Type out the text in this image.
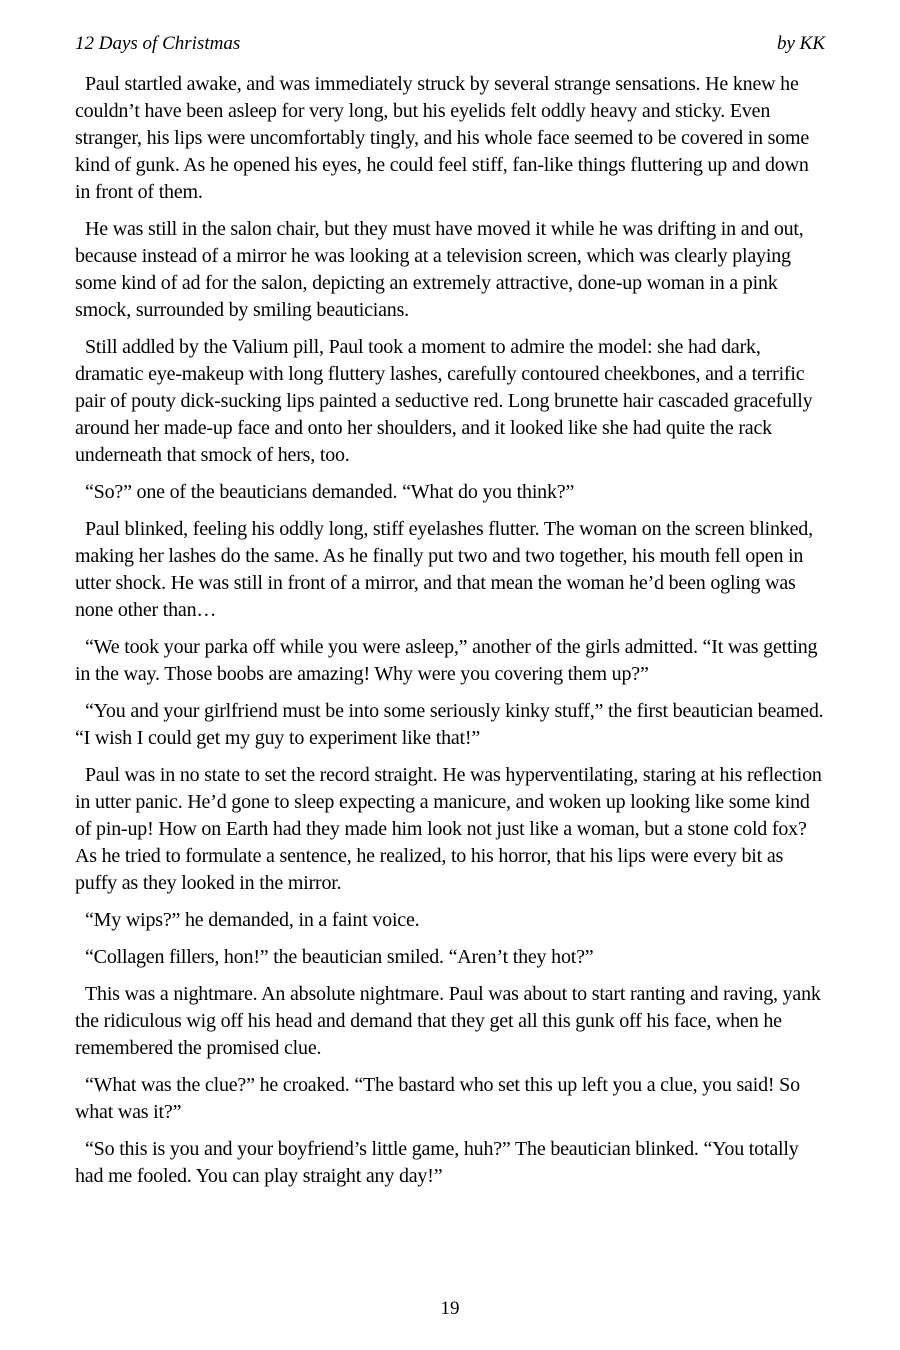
12 Days of Christmas	by KK

Paul startled awake, and was immediately struck by several strange sensations. He knew he couldn’t have been asleep for very long, but his eyelids felt oddly heavy and sticky. Even stranger, his lips were uncomfortably tingly, and his whole face seemed to be covered in some kind of gunk. As he opened his eyes, he could feel stiff, fan-like things fluttering up and down in front of them.

He was still in the salon chair, but they must have moved it while he was drifting in and out, because instead of a mirror he was looking at a television screen, which was clearly playing some kind of ad for the salon, depicting an extremely attractive, done-up woman in a pink smock, surrounded by smiling beauticians.

Still addled by the Valium pill, Paul took a moment to admire the model: she had dark, dramatic eye-makeup with long fluttery lashes, carefully contoured cheekbones, and a terrific pair of pouty dick-sucking lips painted a seductive red. Long brunette hair cascaded gracefully around her made-up face and onto her shoulders, and it looked like she had quite the rack underneath that smock of hers, too.

“So?” one of the beauticians demanded. “What do you think?”

Paul blinked, feeling his oddly long, stiff eyelashes flutter. The woman on the screen blinked, making her lashes do the same. As he finally put two and two together, his mouth fell open in utter shock. He was still in front of a mirror, and that mean the woman he’d been ogling was none other than…

“We took your parka off while you were asleep,” another of the girls admitted. “It was getting in the way. Those boobs are amazing! Why were you covering them up?”

“You and your girlfriend must be into some seriously kinky stuff,” the first beautician beamed. “I wish I could get my guy to experiment like that!”

Paul was in no state to set the record straight. He was hyperventilating, staring at his reflection in utter panic. He’d gone to sleep expecting a manicure, and woken up looking like some kind of pin-up! How on Earth had they made him look not just like a woman, but a stone cold fox? As he tried to formulate a sentence, he realized, to his horror, that his lips were every bit as puffy as they looked in the mirror.

“My wips?” he demanded, in a faint voice.

“Collagen fillers, hon!” the beautician smiled. “Aren’t they hot?”

This was a nightmare. An absolute nightmare. Paul was about to start ranting and raving, yank the ridiculous wig off his head and demand that they get all this gunk off his face, when he remembered the promised clue.

“What was the clue?” he croaked. “The bastard who set this up left you a clue, you said! So what was it?”

“So this is you and your boyfriend’s little game, huh?” The beautician blinked. “You totally had me fooled. You can play straight any day!”

19
